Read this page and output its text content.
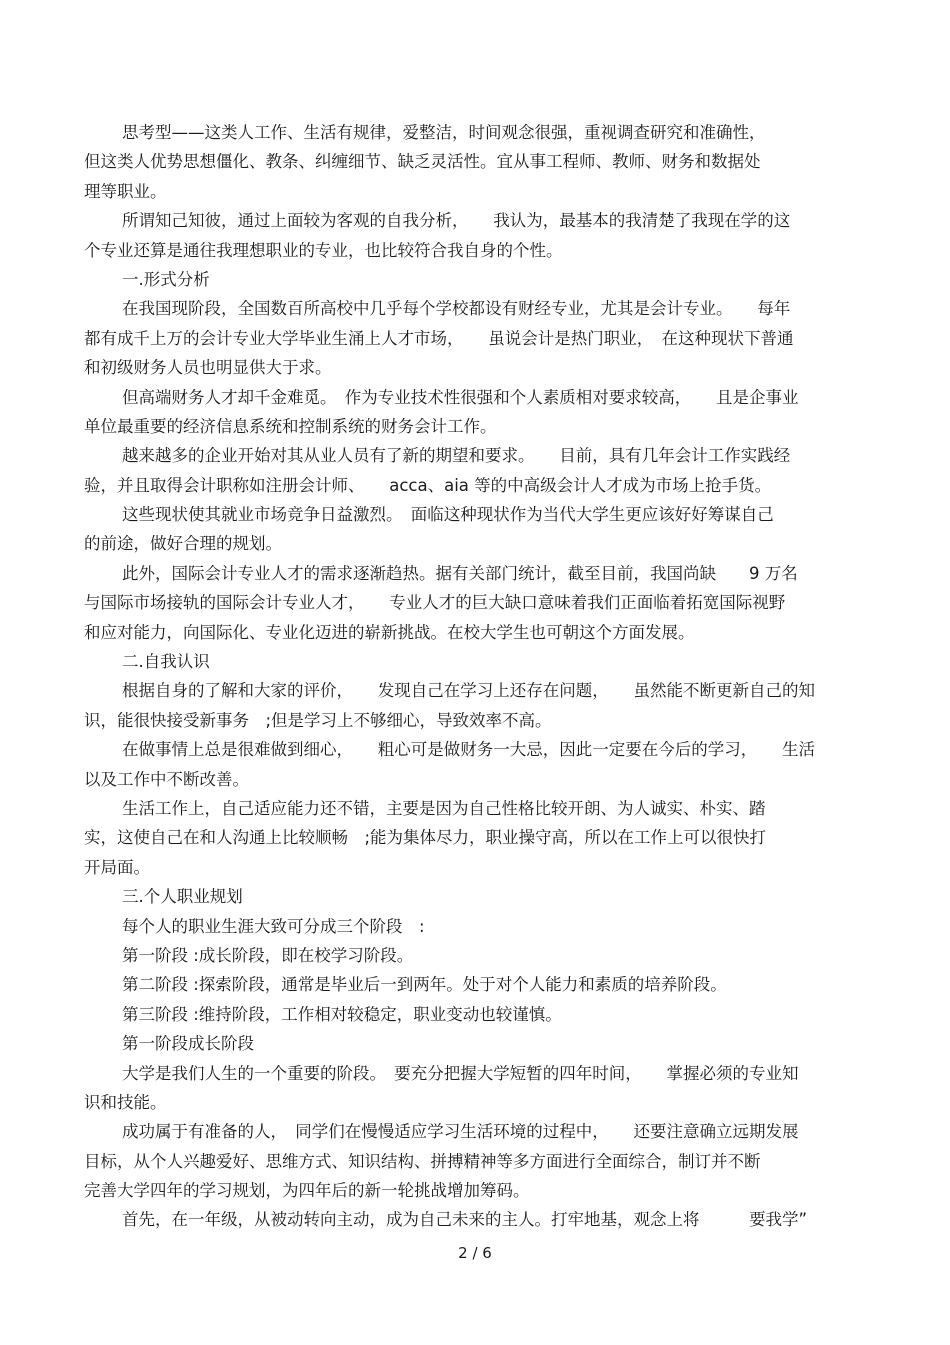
思考型——这类人工作、生活有规律，爱整洁，时间观念很强，重视调查研究和准确性，
但这类人优势思想僵化、教条、纠缠细节、缺乏灵活性。宜从事工程师、教师、财务和数据处
理等职业。
所谓知己知彼，通过上面较为客观的自我分析，　　我认为，最基本的我清楚了我现在学的这
个专业还算是通往我理想职业的专业，也比较符合我自身的个性。
一.形式分析
在我国现阶段，全国数百所高校中几乎每个学校都设有财经专业，尤其是会计专业。　　每年
都有成千上万的会计专业大学毕业生涌上人才市场，　　虽说会计是热门职业，　在这种现状下普通
和初级财务人员也明显供大于求。
但高端财务人才却千金难觅。　作为专业技术性很强和个人素质相对要求较高，　　且是企事业
单位最重要的经济信息系统和控制系统的财务会计工作。
越来越多的企业开始对其从业人员有了新的期望和要求。　　目前，具有几年会计工作实践经
验，并且取得会计职称如注册会计师、　　acca、aia 等的中高级会计人才成为市场上抢手货。
这些现状使其就业市场竞争日益激烈。　面临这种现状作为当代大学生更应该好好筹谋自己
的前途，做好合理的规划。
此外，国际会计专业人才的需求逐渐趋热。据有关部门统计，截至目前，我国尚缺　　9 万名
与国际市场接轨的国际会计专业人才，　　专业人才的巨大缺口意味着我们正面临着拓宽国际视野
和应对能力，向国际化、专业化迈进的崭新挑战。在校大学生也可朝这个方面发展。
二.自我认识
根据自身的了解和大家的评价，　　发现自己在学习上还存在问题，　　虽然能不断更新自己的知
识，能很快接受新事务　;但是学习上不够细心，导致效率不高。
在做事情上总是很难做到细心，　　粗心可是做财务一大忌，因此一定要在今后的学习，　　生活
以及工作中不断改善。
生活工作上，自己适应能力还不错，主要是因为自己性格比较开朗、为人诚实、朴实、踏
实，这使自己在和人沟通上比较顺畅　;能为集体尽力，职业操守高，所以在工作上可以很快打
开局面。
三.个人职业规划
每个人的职业生涯大致可分成三个阶段　:
第一阶段 :成长阶段，即在校学习阶段。
第二阶段 :探索阶段，通常是毕业后一到两年。处于对个人能力和素质的培养阶段。
第三阶段 :维持阶段，工作相对较稳定，职业变动也较谨慎。
第一阶段成长阶段
大学是我们人生的一个重要的阶段。　要充分把握大学短暂的四年时间，　　掌握必须的专业知
识和技能。
成功属于有准备的人，　同学们在慢慢适应学习生活环境的过程中，　　还要注意确立远期发展
目标，从个人兴趣爱好、思维方式、知识结构、拼搏精神等多方面进行全面综合，制订并不断
完善大学四年的学习规划，为四年后的新一轮挑战增加筹码。
首先，在一年级，从被动转向主动，成为自己未来的主人。打牢地基，观念上将　　　要我学”
2 / 6
